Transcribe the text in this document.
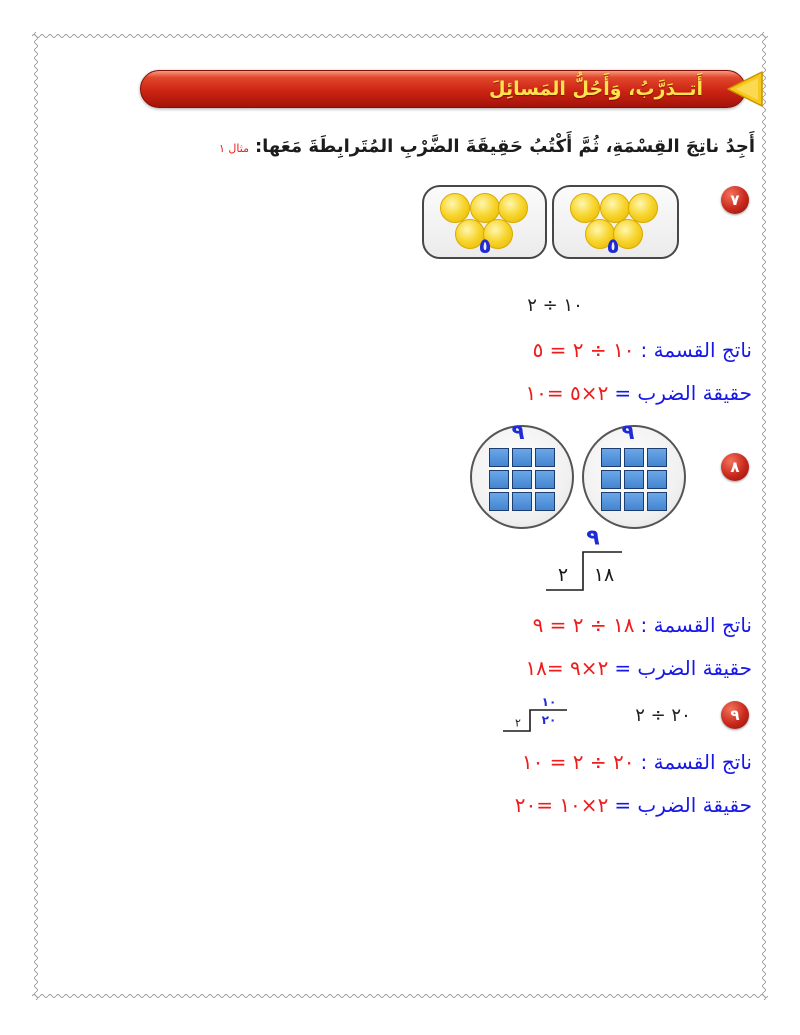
أَتــدَرَّبُ، وَأَحُلُّ المَسائِلَ
أَجِدُ ناتِجَ القِسْمَةِ، ثُمَّ أَكْتُبُ حَقِيقَةَ الضَّرْبِ المُتَرابِطَةَ مَعَها:مثال ١
٧
٥
٥
١٠ ÷ ٢
ناتج القسمة :١٠ ÷ ٢ = ٥
حقيقة الضرب =٢×٥ =١٠
٨
٩
٩
٩
٢ ١٨
ناتج القسمة :١٨ ÷ ٢ = ٩
حقيقة الضرب =٢×٩ =١٨
٩
٢٠ ÷ ٢
١٠
٢٠
٢
ناتج القسمة :٢٠ ÷ ٢ = ١٠
حقيقة الضرب =٢×١٠ =٢٠
